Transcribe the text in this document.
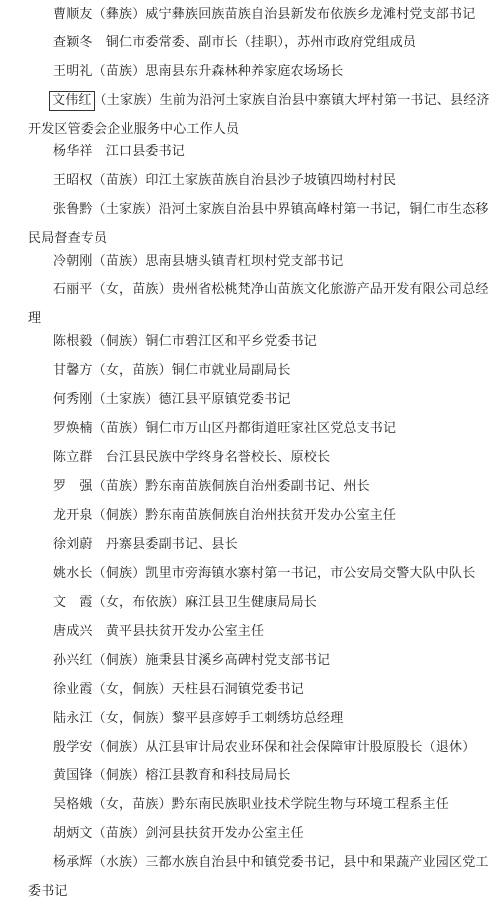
曹顺友（彝族）威宁彝族回族苗族自治县新发布依族乡龙滩村党支部书记
查颖冬　铜仁市委常委、副市长（挂职），苏州市政府党组成员
王明礼（苗族）思南县东升森林种养家庭农场场长
文伟红 （土家族）生前为沿河土家族自治县中寨镇大坪村第一书记、县经济
开发区管委会企业服务中心工作人员
杨华祥　江口县委书记
王昭权（苗族）印江土家族苗族自治县沙子坡镇四坳村村民
张鲁黔（土家族）沿河土家族自治县中界镇高峰村第一书记，铜仁市生态移
民局督查专员
冷朝刚（苗族）思南县塘头镇青杠坝村党支部书记
石丽平（女，苗族）贵州省松桃梵净山苗族文化旅游产品开发有限公司总经
理
陈根毅（侗族）铜仁市碧江区和平乡党委书记
甘馨方（女，苗族）铜仁市就业局副局长
何秀刚（土家族）德江县平原镇党委书记
罗焕楠（苗族）铜仁市万山区丹都街道旺家社区党总支书记
陈立群　台江县民族中学终身名誉校长、原校长
罗　强（苗族）黔东南苗族侗族自治州委副书记、州长
龙开泉（侗族）黔东南苗族侗族自治州扶贫开发办公室主任
徐刘蔚　丹寨县委副书记、县长
姚水长（侗族）凯里市旁海镇水寨村第一书记，市公安局交警大队中队长
文　霞（女，布依族）麻江县卫生健康局局长
唐成兴　黄平县扶贫开发办公室主任
孙兴红（侗族）施秉县甘溪乡高碑村党支部书记
徐业霞（女，侗族）天柱县石洞镇党委书记
陆永江（女，侗族）黎平县彦婷手工刺绣坊总经理
殷学安（侗族）从江县审计局农业环保和社会保障审计股原股长（退休）
黄国锋（侗族）榕江县教育和科技局局长
吴格娥（女，苗族）黔东南民族职业技术学院生物与环境工程系主任
胡炳文（苗族）剑河县扶贫开发办公室主任
杨承辉（水族）三都水族自治县中和镇党委书记，县中和果蔬产业园区党工
委书记
